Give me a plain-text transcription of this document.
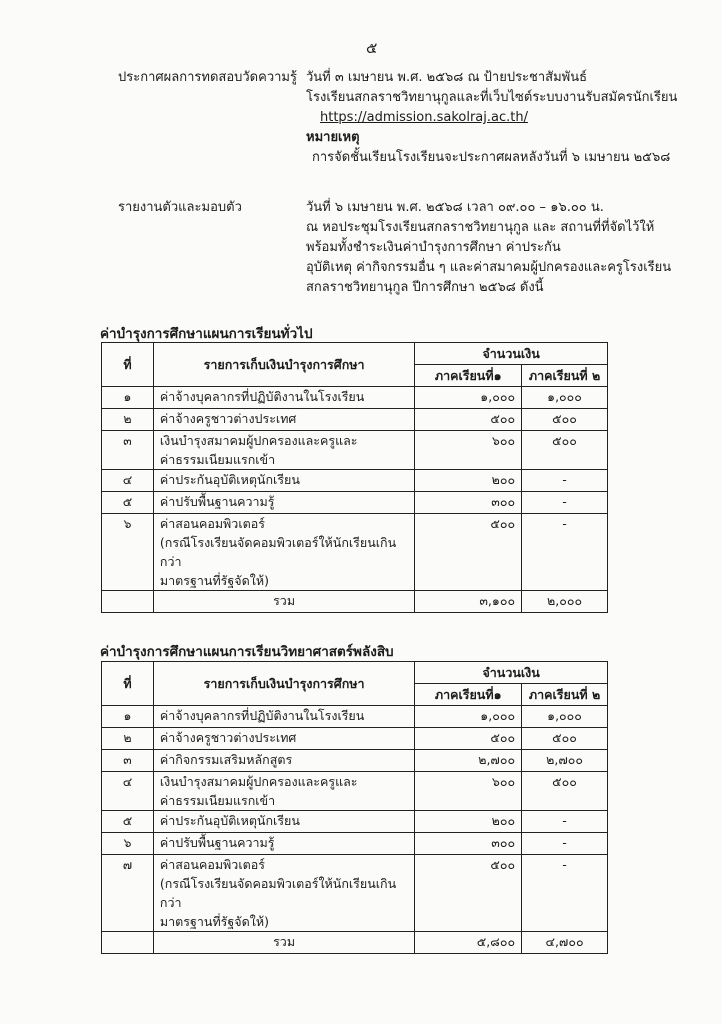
๕
ประกาศผลการทดสอบวัดความรู้ วันที่ ๓ เมษายน พ.ศ. ๒๕๖๘ ณ ป้ายประชาสัมพันธ์
โรงเรียนสกลราชวิทยานุกูลและที่เว็บไซต์ระบบงานรับสมัครนักเรียน
https://admission.sakolraj.ac.th/
หมายเหตุ
การจัดชั้นเรียนโรงเรียนจะประกาศผลหลังวันที่ ๖ เมษายน ๒๕๖๘
รายงานตัวและมอบตัว	วันที่ ๖ เมษายน พ.ศ. ๒๕๖๘ เวลา ๐๙.๐๐ – ๑๖.๐๐ น.
ณ หอประชุมโรงเรียนสกลราชวิทยานุกูล และ สถานที่ที่จัดไว้ให้
พร้อมทั้งชำระเงินค่าบำรุงการศึกษา ค่าประกัน
อุบัติเหตุ ค่ากิจกรรมอื่น ๆ และค่าสมาคมผู้ปกครองและครูโรงเรียน
สกลราชวิทยานุกูล ปีการศึกษา ๒๕๖๘ ดังนี้
ค่าบำรุงการศึกษาแผนการเรียนทั่วไป
ที่	รายการเก็บเงินบำรุงการศึกษา	จำนวนเงิน	
		ภาคเรียนที่๑	ภาคเรียนที่ ๒
๑	ค่าจ้างบุคลากรที่ปฏิบัติงานในโรงเรียน	๑,๐๐๐	๑,๐๐๐
๒	ค่าจ้างครูชาวต่างประเทศ	๕๐๐	๕๐๐
๓	เงินบำรุงสมาคมผู้ปกครองและครูและ
ค่าธรรมเนียมแรกเข้า	๖๐๐	๕๐๐
๔	ค่าประกันอุบัติเหตุนักเรียน	๒๐๐	-
๕	ค่าปรับพื้นฐานความรู้	๓๐๐	-
๖	ค่าสอนคอมพิวเตอร์
(กรณีโรงเรียนจัดคอมพิวเตอร์ให้นักเรียนเกินกว่า
มาตรฐานที่รัฐจัดให้)	๕๐๐	-
	รวม	๓,๑๐๐	๒,๐๐๐
ค่าบำรุงการศึกษาแผนการเรียนวิทยาศาสตร์พลังสิบ
ที่	รายการเก็บเงินบำรุงการศึกษา	จำนวนเงิน	
		ภาคเรียนที่๑	ภาคเรียนที่ ๒
๑	ค่าจ้างบุคลากรที่ปฏิบัติงานในโรงเรียน	๑,๐๐๐	๑,๐๐๐
๒	ค่าจ้างครูชาวต่างประเทศ	๕๐๐	๕๐๐
๓	ค่ากิจกรรมเสริมหลักสูตร	๒,๗๐๐	๒,๗๐๐
๔	เงินบำรุงสมาคมผู้ปกครองและครูและ
ค่าธรรมเนียมแรกเข้า	๖๐๐	๕๐๐
๕	ค่าประกันอุบัติเหตุนักเรียน	๒๐๐	-
๖	ค่าปรับพื้นฐานความรู้	๓๐๐	-
๗	ค่าสอนคอมพิวเตอร์
(กรณีโรงเรียนจัดคอมพิวเตอร์ให้นักเรียนเกินกว่า
มาตรฐานที่รัฐจัดให้)	๕๐๐	-
	รวม	๕,๘๐๐	๔,๗๐๐
